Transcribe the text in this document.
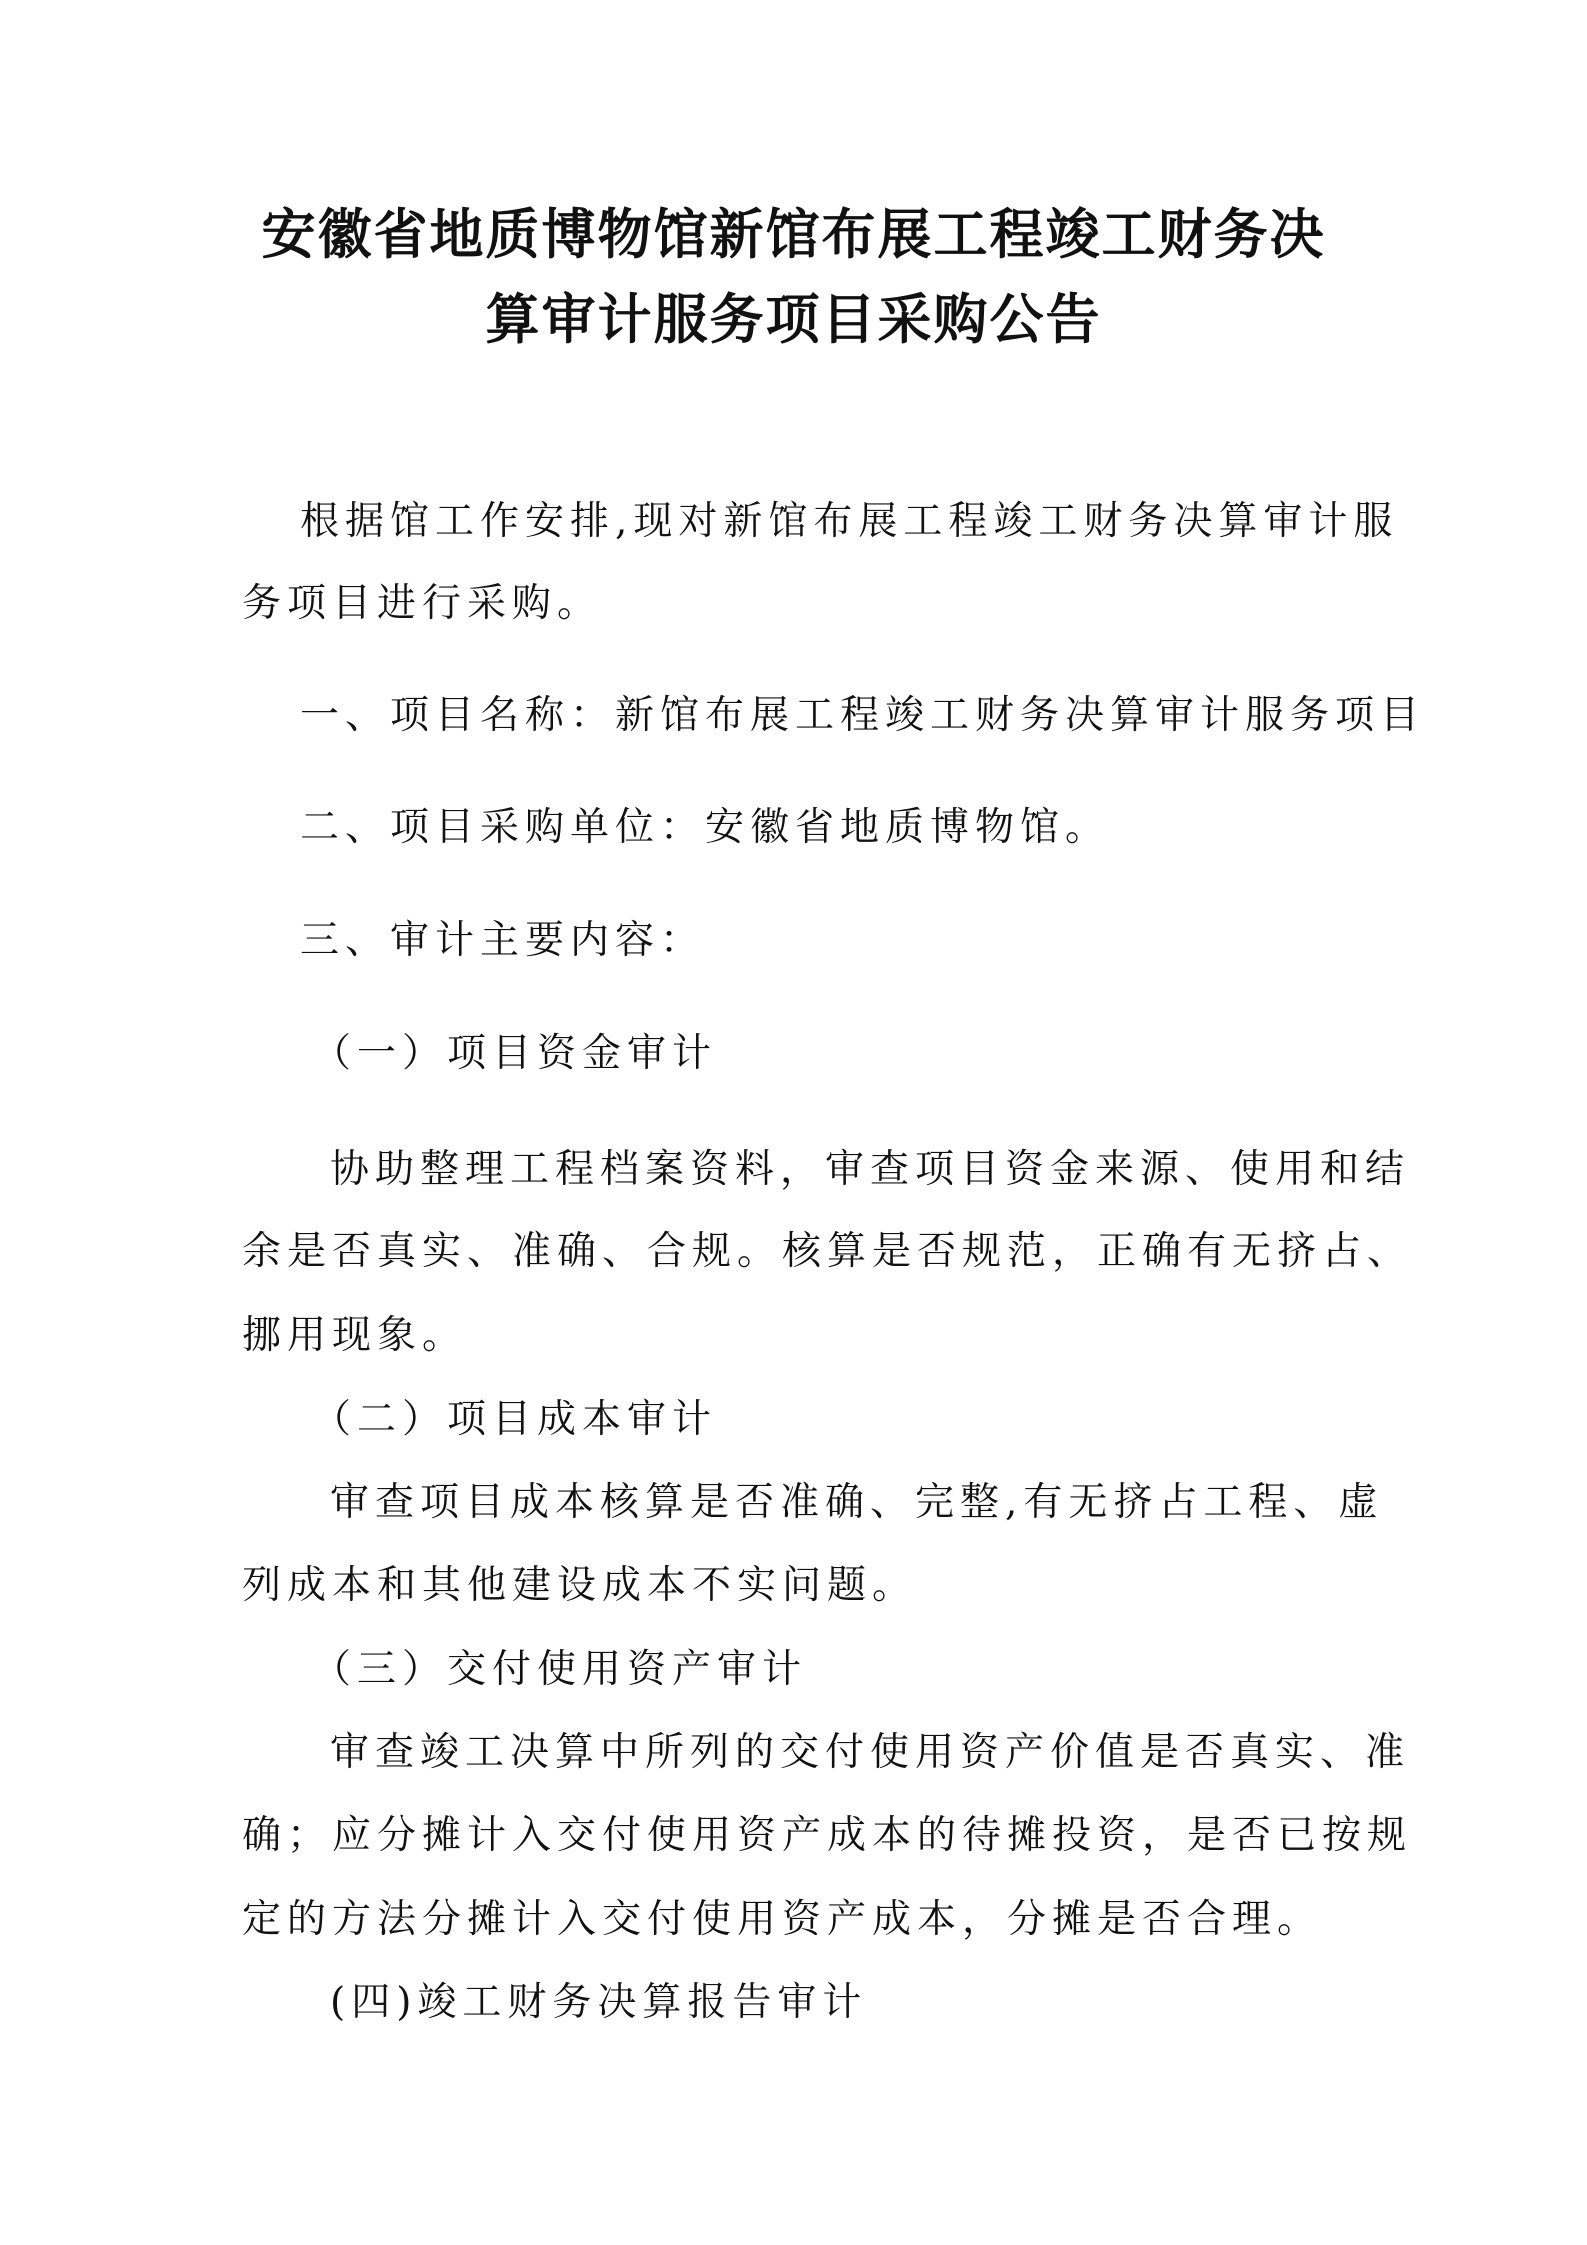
安徽省地质博物馆新馆布展工程竣工财务决
算审计服务项目采购公告
根据馆工作安排,现对新馆布展工程竣工财务决算审计服
务项目进行采购。
一、项目名称：新馆布展工程竣工财务决算审计服务项目
二、项目采购单位：安徽省地质博物馆。
三、审计主要内容：
（一）项目资金审计
协助整理工程档案资料，审查项目资金来源、使用和结
余是否真实、准确、合规。核算是否规范，正确有无挤占、
挪用现象。
（二）项目成本审计
审查项目成本核算是否准确、完整,有无挤占工程、虚
列成本和其他建设成本不实问题。
（三）交付使用资产审计
审查竣工决算中所列的交付使用资产价值是否真实、准
确；应分摊计入交付使用资产成本的待摊投资，是否已按规
定的方法分摊计入交付使用资产成本，分摊是否合理。
(四)竣工财务决算报告审计
